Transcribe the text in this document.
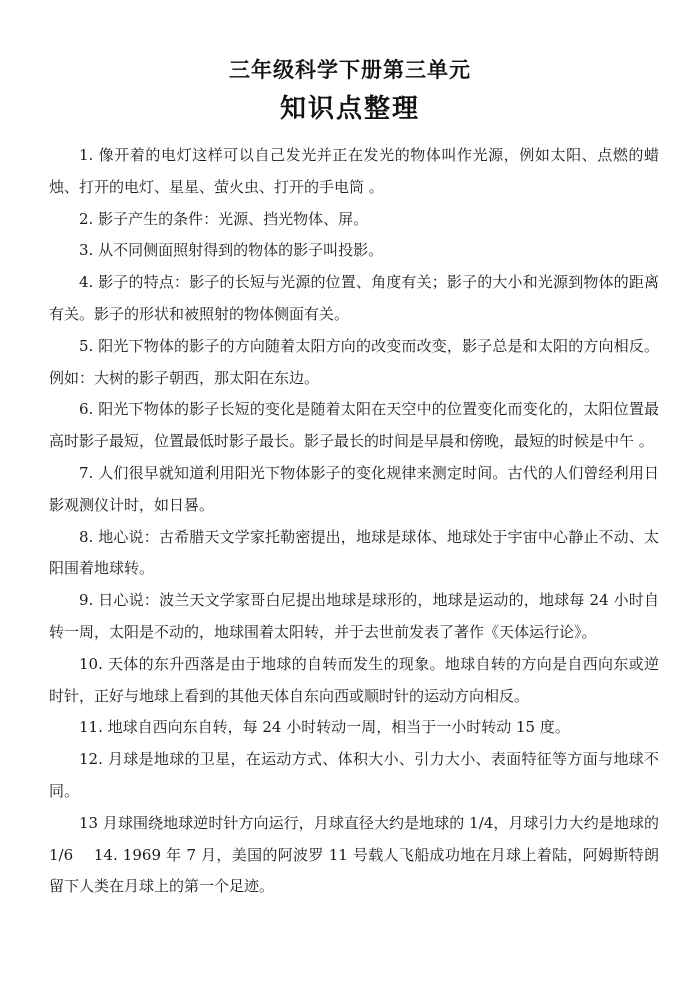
三年级科学下册第三单元
知识点整理

1. 像开着的电灯这样可以自己发光并正在发光的物体叫作光源，例如太阳、点燃的蜡烛、打开的电灯、星星、萤火虫、打开的手电筒 。

2. 影子产生的条件：光源、挡光物体、屏。

3. 从不同侧面照射得到的物体的影子叫投影。

4. 影子的特点：影子的长短与光源的位置、角度有关；影子的大小和光源到物体的距离有关。影子的形状和被照射的物体侧面有关。

5. 阳光下物体的影子的方向随着太阳方向的改变而改变，影子总是和太阳的方向相反。例如：大树的影子朝西，那太阳在东边。

6. 阳光下物体的影子长短的变化是随着太阳在天空中的位置变化而变化的，太阳位置最高时影子最短，位置最低时影子最长。影子最长的时间是早晨和傍晚，最短的时候是中午 。

7. 人们很早就知道利用阳光下物体影子的变化规律来测定时间。古代的人们曾经利用日影观测仪计时，如日晷。

8. 地心说：古希腊天文学家托勒密提出，地球是球体、地球处于宇宙中心静止不动、太阳围着地球转。

9. 日心说：波兰天文学家哥白尼提出地球是球形的，地球是运动的，地球每 24 小时自转一周，太阳是不动的，地球围着太阳转，并于去世前发表了著作《天体运行论》。

10. 天体的东升西落是由于地球的自转而发生的现象。地球自转的方向是自西向东或逆时针，正好与地球上看到的其他天体自东向西或顺时针的运动方向相反。

11. 地球自西向东自转，每 24 小时转动一周，相当于一小时转动 15 度。

12. 月球是地球的卫星，在运动方式、体积大小、引力大小、表面特征等方面与地球不同。

13 月球围绕地球逆时针方向运行，月球直径大约是地球的 1/4，月球引力大约是地球的 1/6　 14. 1969 年 7 月，美国的阿波罗 11 号载人飞船成功地在月球上着陆，阿姆斯特朗留下人类在月球上的第一个足迹。
